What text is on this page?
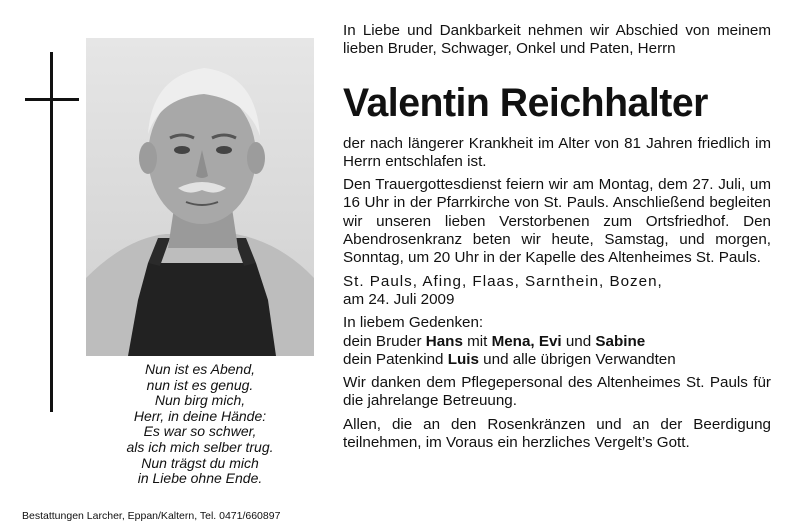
Nun ist es Abend,
nun ist es genug.
Nun birg mich,
Herr, in deine Hände:
Es war so schwer,
als ich mich selber trug.
Nun trägst du mich
in Liebe ohne Ende.
Bestattungen Larcher, Eppan/Kaltern, Tel. 0471/660897

In Liebe und Dankbarkeit nehmen wir Abschied von meinem lieben Bruder, Schwager, Onkel und Paten, Herrn

Valentin Reichhalter

der nach längerer Krankheit im Alter von 81 Jahren friedlich im Herrn entschlafen ist.

Den Trauergottesdienst feiern wir am Montag, dem 27. Juli, um 16 Uhr in der Pfarrkirche von St. Pauls. Anschließend begleiten wir unseren lieben Verstorbenen zum Ortsfriedhof. Den Abendrosenkranz beten wir heute, Samstag, und morgen, Sonntag, um 20 Uhr in der Kapelle des Altenheimes St. Pauls.

St. Pauls, Afing, Flaas, Sarnthein, Bozen,

am 24. Juli 2009

In liebem Gedenken:

dein Bruder Hans mit Mena, Evi und Sabine

dein Patenkind Luis und alle übrigen Verwandten

Wir danken dem Pflegepersonal des Altenheimes St. Pauls für die jahrelange Betreuung.

Allen, die an den Rosenkränzen und an der Beerdigung teilnehmen, im Voraus ein herzliches Vergelt’s Gott.
